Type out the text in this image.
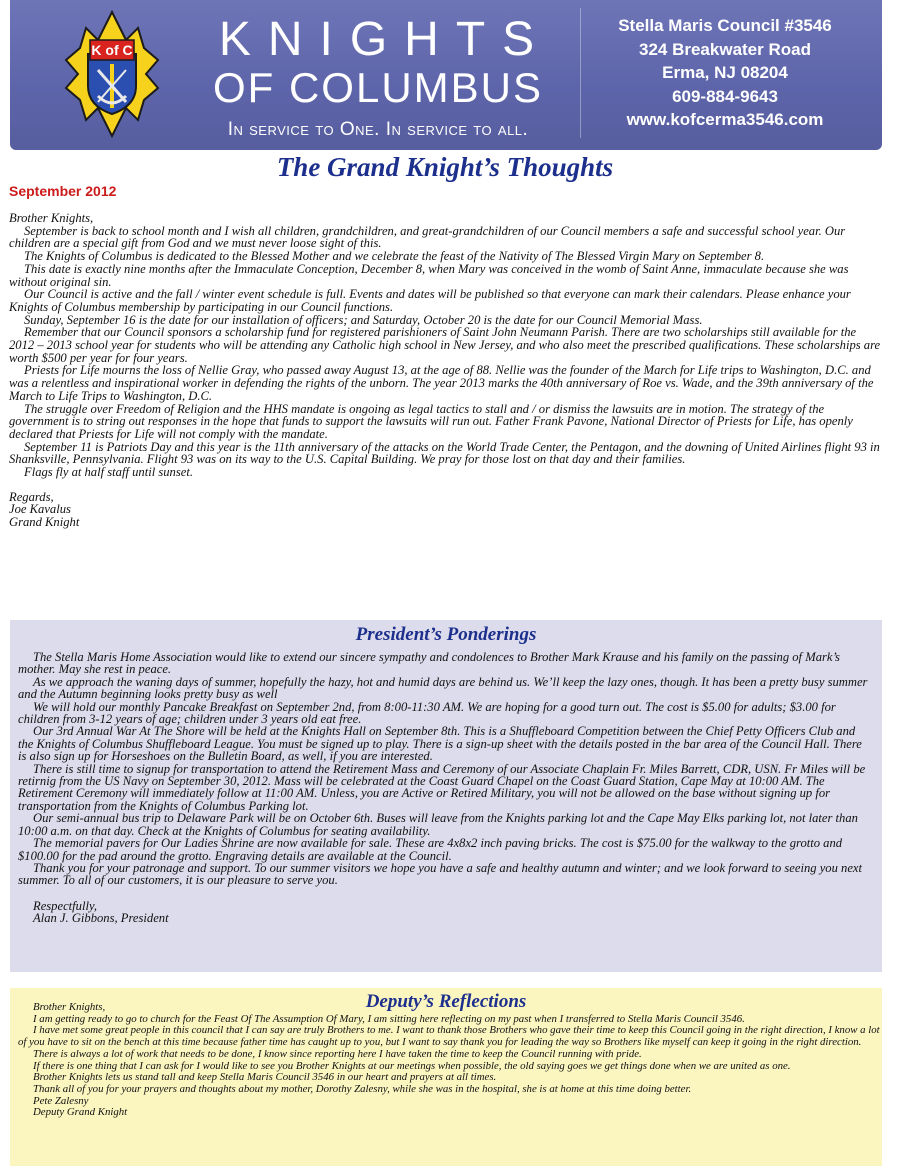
K of C	KNIGHTS
OF COLUMBUS
In service to One. In service to all.
Stella Maris Council #3546
324 Breakwater Road
Erma, NJ 08204
609-884-9643
www.kofcerma3546.com
The Grand Knight’s Thoughts
September 2012

Brother Knights,

September is back to school month and I wish all children, grandchildren, and great-grandchildren of our Council members a safe and successful school year. Our children are a special gift from God and we must never loose sight of this.

The Knights of Columbus is dedicated to the Blessed Mother and we celebrate the feast of the Nativity of The Blessed Virgin Mary on September 8.

This date is exactly nine months after the Immaculate Conception, December 8, when Mary was conceived in the womb of Saint Anne, immaculate because she was without original sin.

Our Council is active and the fall / winter event schedule is full. Events and dates will be published so that everyone can mark their calendars. Please enhance your Knights of Columbus membership by participating in our Council functions.

Sunday, September 16 is the date for our installation of officers; and Saturday, October 20 is the date for our Council Memorial Mass.

Remember that our Council sponsors a scholarship fund for registered parishioners of Saint John Neumann Parish. There are two scholarships still available for the 2012 – 2013 school year for students who will be attending any Catholic high school in New Jersey, and who also meet the prescribed qualifications. These scholarships are worth $500 per year for four years.

Priests for Life mourns the loss of Nellie Gray, who passed away August 13, at the age of 88. Nellie was the founder of the March for Life trips to Washington, D.C. and was a relentless and inspirational worker in defending the rights of the unborn. The year 2013 marks the 40th anniversary of Roe vs. Wade, and the 39th anniversary of the March to Life Trips to Washington, D.C.

The struggle over Freedom of Religion and the HHS mandate is ongoing as legal tactics to stall and / or dismiss the lawsuits are in motion. The strategy of the government is to string out responses in the hope that funds to support the lawsuits will run out. Father Frank Pavone, National Director of Priests for Life, has openly declared that Priests for Life will not comply with the mandate.

September 11 is Patriots Day and this year is the 11th anniversary of the attacks on the World Trade Center, the Pentagon, and the downing of United Airlines flight 93 in Shanksville, Pennsylvania. Flight 93 was on its way to the U.S. Capital Building. We pray for those lost on that day and their families.

Flags fly at half staff until sunset.

Regards,

Joe Kavalus

Grand Knight

President’s Ponderings

The Stella Maris Home Association would like to extend our sincere sympathy and condolences to Brother Mark Krause and his family on the passing of Mark’s mother. May she rest in peace.

As we approach the waning days of summer, hopefully the hazy, hot and humid days are behind us. We’ll keep the lazy ones, though. It has been a pretty busy summer and the Autumn beginning looks pretty busy as well

We will hold our monthly Pancake Breakfast on September 2nd, from 8:00-11:30 AM. We are hoping for a good turn out. The cost is $5.00 for adults; $3.00 for children from 3-12 years of age; children under 3 years old eat free.

Our 3rd Annual War At The Shore will be held at the Knights Hall on September 8th. This is a Shuffleboard Competition between the Chief Petty Officers Club and the Knights of Columbus Shuffleboard League. You must be signed up to play. There is a sign-up sheet with the details posted in the bar area of the Council Hall. There is also sign up for Horseshoes on the Bulletin Board, as well, if you are interested.

There is still time to signup for transportation to attend the Retirement Mass and Ceremony of our Associate Chaplain Fr. Miles Barrett, CDR, USN. Fr Miles will be retirnig from the US Navy on September 30, 2012. Mass will be celebrated at the Coast Guard Chapel on the Coast Guard Station, Cape May at 10:00 AM. The Retirement Ceremony will immediately follow at 11:00 AM. Unless, you are Active or Retired Military, you will not be allowed on the base without signing up for transportation from the Knights of Columbus Parking lot.

Our semi-annual bus trip to Delaware Park will be on October 6th. Buses will leave from the Knights parking lot and the Cape May Elks parking lot, not later than 10:00 a.m. on that day. Check at the Knights of Columbus for seating availability.

The memorial pavers for Our Ladies Shrine are now available for sale. These are 4x8x2 inch paving bricks. The cost is $75.00 for the walkway to the grotto and $100.00 for the pad around the grotto. Engraving details are available at the Council.

Thank you for your patronage and support. To our summer visitors we hope you have a safe and healthy autumn and winter; and we look forward to seeing you next summer. To all of our customers, it is our pleasure to serve you.

Respectfully,

Alan J. Gibbons, President

Deputy’s Reflections

Brother Knights,

I am getting ready to go to church for the Feast Of The Assumption Of Mary, I am sitting here reflecting on my past when I transferred to Stella Maris Council 3546.

I have met some great people in this council that I can say are truly Brothers to me. I want to thank those Brothers who gave their time to keep this Council going in the right direction, I know a lot of you have to sit on the bench at this time because father time has caught up to you, but I want to say thank you for leading the way so Brothers like myself can keep it going in the right direction.

There is always a lot of work that needs to be done, I know since reporting here I have taken the time to keep the Council running with pride.

If there is one thing that I can ask for I would like to see you Brother Knights at our meetings when possible, the old saying goes we get things done when we are united as one.

Brother Knights lets us stand tall and keep Stella Maris Council 3546 in our heart and prayers at all times.

Thank all of you for your prayers and thoughts about my mother, Dorothy Zalesny, while she was in the hospital, she is at home at this time doing better.

Pete Zalesny

Deputy Grand Knight
